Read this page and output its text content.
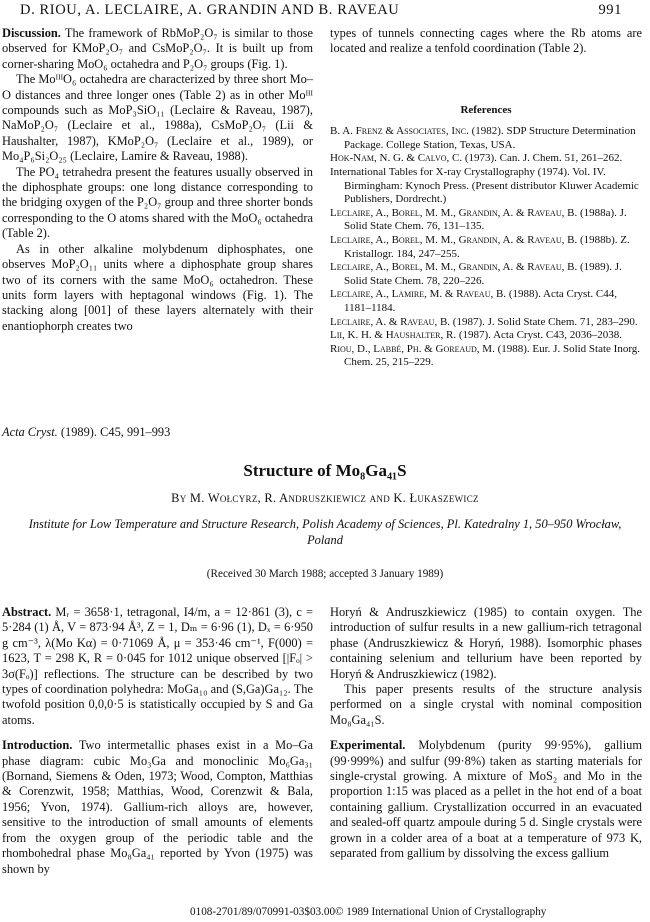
D. RIOU, A. LECLAIRE, A. GRANDIN AND B. RAVEAU	991

Discussion. The framework of RbMoP₂O₇ is similar to those observed for KMoP₂O₇ and CsMoP₂O₇. It is built up from corner-sharing MoO₆ octahedra and P₂O₇ groups (Fig. 1).

The MoᴵᴵᴵO₆ octahedra are characterized by three short Mo–O distances and three longer ones (Table 2) as in other Moᴵᴵᴵ compounds such as MoP₃SiO₁₁ (Leclaire & Raveau, 1987), NaMoP₂O₇ (Leclaire et al., 1988a), CsMoP₂O₇ (Lii & Haushalter, 1987), KMoP₂O₇ (Leclaire et al., 1989), or Mo₄P₆Si₂O₂₅ (Leclaire, Lamire & Raveau, 1988).

The PO₄ tetrahedra present the features usually observed in the diphosphate groups: one long distance corresponding to the bridging oxygen of the P₂O₇ group and three shorter bonds corresponding to the O atoms shared with the MoO₆ octahedra (Table 2).

As in other alkaline molybdenum diphosphates, one observes MoP₂O₁₁ units where a diphosphate group shares two of its corners with the same MoO₆ octahedron. These units form layers with heptagonal windows (Fig. 1). The stacking along [001] of these layers alternately with their enantiophorph creates two

types of tunnels connecting cages where the Rb atoms are located and realize a tenfold coordination (Table 2).

References

B. A. Frenz & Associates, Inc. (1982). SDP Structure Determination Package. College Station, Texas, USA.

Hok-Nam, N. G. & Calvo, C. (1973). Can. J. Chem. 51, 261–262.

International Tables for X-ray Crystallography (1974). Vol. IV. Birmingham: Kynoch Press. (Present distributor Kluwer Academic Publishers, Dordrecht.)

Leclaire, A., Borel, M. M., Grandin, A. & Raveau, B. (1988a). J. Solid State Chem. 76, 131–135.

Leclaire, A., Borel, M. M., Grandin, A. & Raveau, B. (1988b). Z. Kristallogr. 184, 247–255.

Leclaire, A., Borel, M. M., Grandin, A. & Raveau, B. (1989). J. Solid State Chem. 78, 220–226.

Leclaire, A., Lamire, M. & Raveau, B. (1988). Acta Cryst. C44, 1181–1184.

Leclaire, A. & Raveau, B. (1987). J. Solid State Chem. 71, 283–290.

Lii, K. H. & Haushalter, R. (1987). Acta Cryst. C43, 2036–2038.

Riou, D., Labbé, Ph. & Goreaud, M. (1988). Eur. J. Solid State Inorg. Chem. 25, 215–229.

Acta Cryst. (1989). C45, 991–993
Structure of Mo₈Ga₄₁S
By M. Wołcyrz, R. Andruszkiewicz and K. Łukaszewicz
Institute for Low Temperature and Structure Research, Polish Academy of Sciences, Pl. Katedralny 1, 50–950 Wrocław, Poland
(Received 30 March 1988; accepted 3 January 1989)

Abstract. Mᵣ = 3658·1, tetragonal, I4/m, a = 12·861 (3), c = 5·284 (1) Å, V = 873·94 Å³, Z = 1, Dₘ = 6·96 (1), Dₓ = 6·950 g cm⁻³, λ(Mo Kα) = 0·71069 Å, μ = 353·46 cm⁻¹, F(000) = 1623, T = 298 K, R = 0·045 for 1012 unique observed [|Fₒ| > 3σ(Fₒ)] reflections. The structure can be described by two types of coordination polyhedra: MoGa₁₀ and (S,Ga)Ga₁₂. The twofold position 0,0,0·5 is statistically occupied by S and Ga atoms.

Introduction. Two intermetallic phases exist in a Mo–Ga phase diagram: cubic Mo₃Ga and monoclinic Mo₆Ga₃₁ (Bornand, Siemens & Oden, 1973; Wood, Compton, Matthias & Corenzwit, 1958; Matthias, Wood, Corenzwit & Bala, 1956; Yvon, 1974). Gallium-rich alloys are, however, sensitive to the introduction of small amounts of elements from the oxygen group of the periodic table and the rhombohedral phase Mo₈Ga₄₁ reported by Yvon (1975) was shown by

Horyń & Andruszkiewicz (1985) to contain oxygen. The introduction of sulfur results in a new gallium-rich tetragonal phase (Andruszkiewicz & Horyń, 1988). Isomorphic phases containing selenium and tellurium have been reported by Horyń & Andruszkiewicz (1982).

This paper presents results of the structure analysis performed on a single crystal with nominal composition Mo₈Ga₄₁S.

Experimental. Molybdenum (purity 99·95%), gallium (99·999%) and sulfur (99·8%) taken as starting materials for single-crystal growing. A mixture of MoS₂ and Mo in the proportion 1:15 was placed as a pellet in the hot end of a boat containing gallium. Crystallization occurred in an evacuated and sealed-off quartz ampoule during 5 d. Single crystals were grown in a colder area of a boat at a temperature of 973 K, separated from gallium by dissolving the excess gallium

0108-2701/89/070991-03$03.00 © 1989 International Union of Crystallography
